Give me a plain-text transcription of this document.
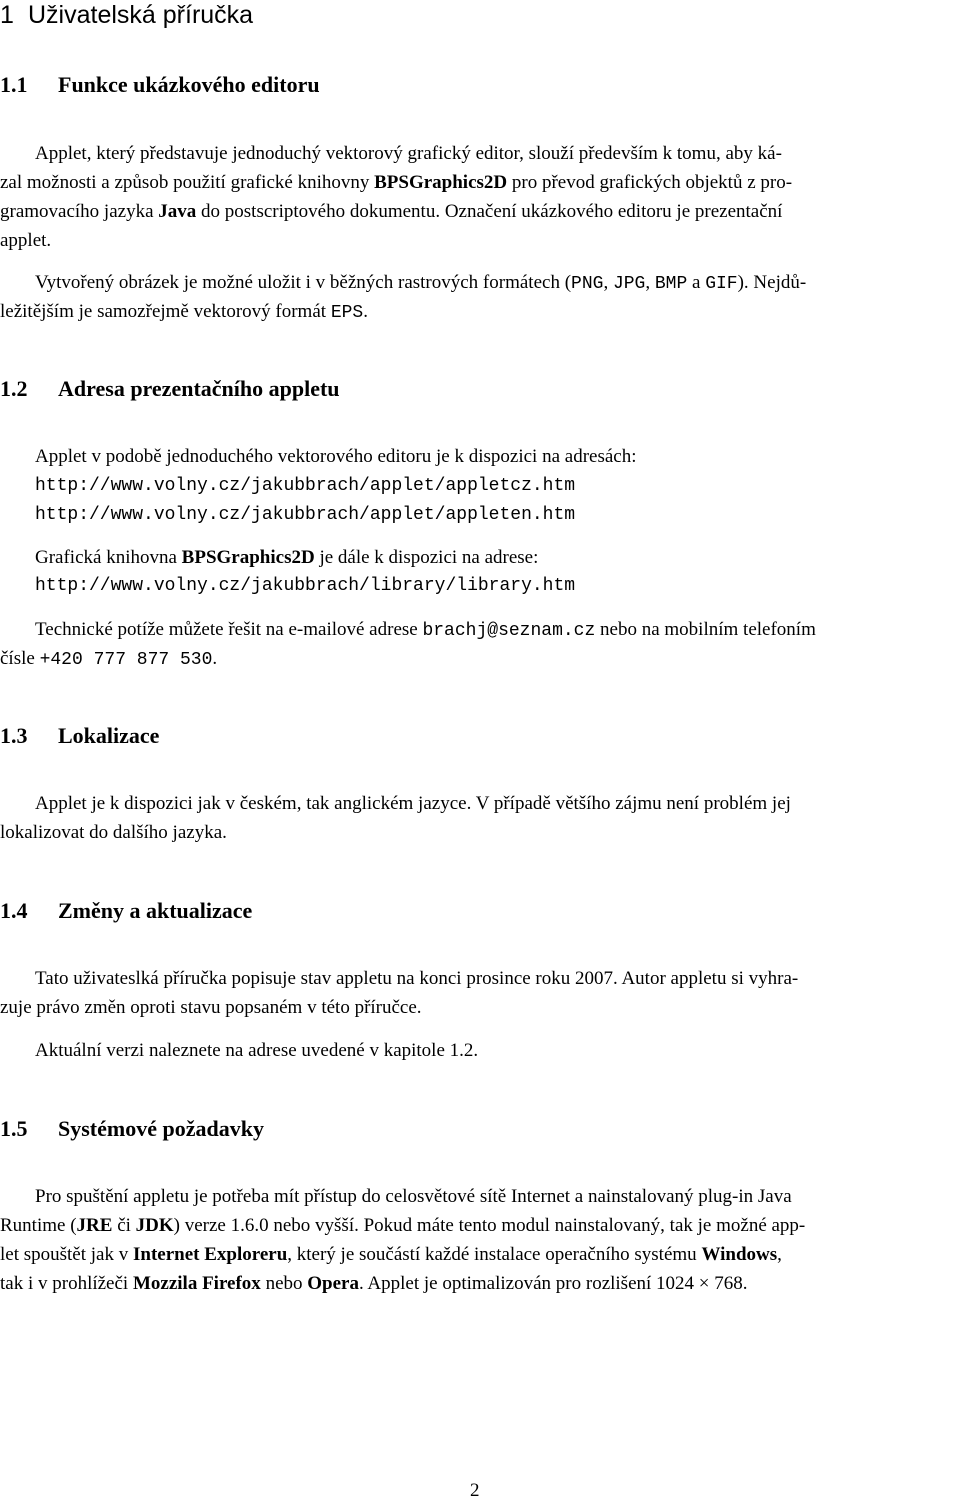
1 Uživatelská příručka
1.1 Funkce ukázkového editoru
Applet, který představuje jednoduchý vektorový grafický editor, slouží především k tomu, aby ká-
zal možnosti a způsob použití grafické knihovny BPSGraphics2D pro převod grafických objektů z pro-
gramovacího jazyka Java do postscriptového dokumentu. Označení ukázkového editoru je prezentační
applet.
Vytvořený obrázek je možné uložit i v běžných rastrových formátech (PNG, JPG, BMP a GIF). Nejdů-
ležitějším je samozřejmě vektorový formát EPS.
1.2 Adresa prezentačního appletu
Applet v podobě jednoduchého vektorového editoru je k dispozici na adresách:
http://www.volny.cz/jakubbrach/applet/appletcz.htm
http://www.volny.cz/jakubbrach/applet/appleten.htm
Grafická knihovna BPSGraphics2D je dále k dispozici na adrese:
http://www.volny.cz/jakubbrach/library/library.htm
Technické potíže můžete řešit na e-mailové adrese brachj@seznam.cz nebo na mobilním telefoním
čísle +420 777 877 530.
1.3 Lokalizace
Applet je k dispozici jak v českém, tak anglickém jazyce. V případě většího zájmu není problém jej
lokalizovat do dalšího jazyka.
1.4 Změny a aktualizace
Tato uživateslká příručka popisuje stav appletu na konci prosince roku 2007. Autor appletu si vyhra-
zuje právo změn oproti stavu popsaném v této příručce.
Aktuální verzi naleznete na adrese uvedené v kapitole 1.2.
1.5 Systémové požadavky
Pro spuštění appletu je potřeba mít přístup do celosvětové sítě Internet a nainstalovaný plug-in Java
Runtime (JRE či JDK) verze 1.6.0 nebo vyšší. Pokud máte tento modul nainstalovaný, tak je možné app-
let spouštět jak v Internet Exploreru, který je součástí každé instalace operačního systému Windows,
tak i v prohlížeči Mozzila Firefox nebo Opera. Applet je optimalizován pro rozlišení 1024 × 768.
2
